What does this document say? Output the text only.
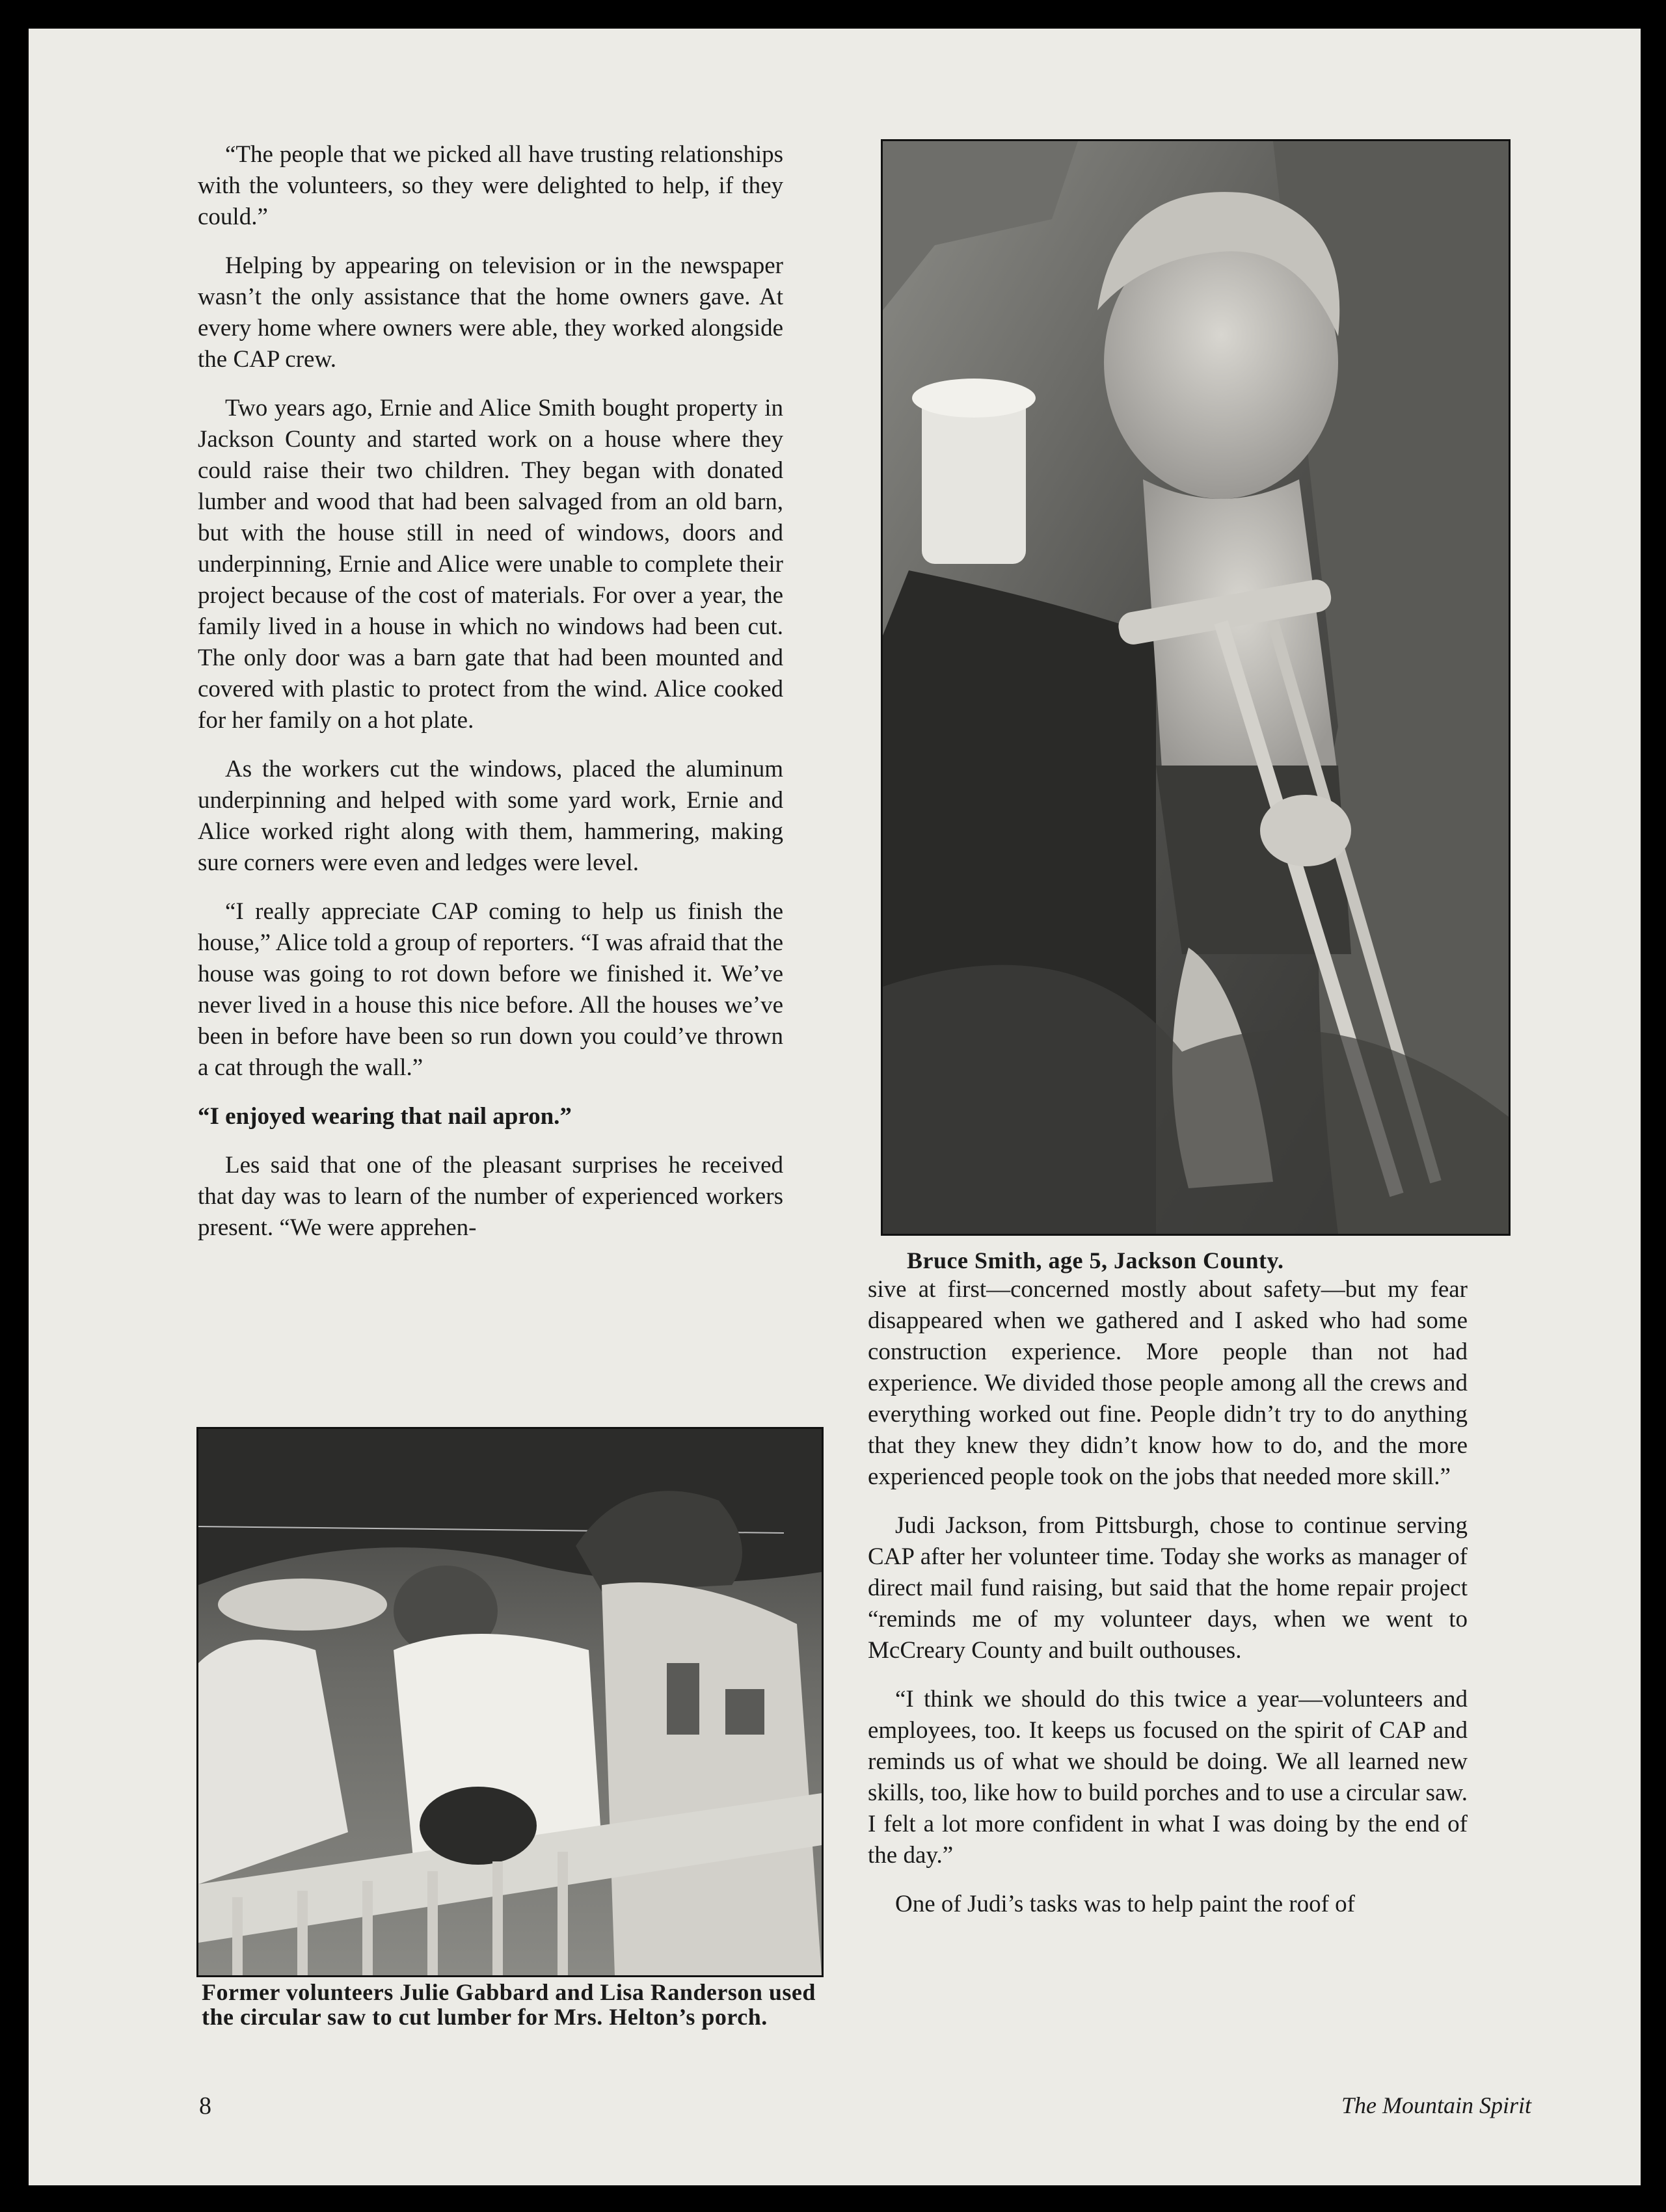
“The people that we picked all have trusting relationships with the volunteers, so they were delighted to help, if they could.”

Helping by appearing on television or in the newspaper wasn’t the only assistance that the home owners gave. At every home where owners were able, they worked alongside the CAP crew.

Two years ago, Ernie and Alice Smith bought property in Jackson County and started work on a house where they could raise their two children. They began with donated lumber and wood that had been salvaged from an old barn, but with the house still in need of windows, doors and underpinning, Ernie and Alice were unable to complete their project because of the cost of materials. For over a year, the family lived in a house in which no windows had been cut. The only door was a barn gate that had been mounted and covered with plastic to protect from the wind. Alice cooked for her family on a hot plate.

As the workers cut the windows, placed the aluminum underpinning and helped with some yard work, Ernie and Alice worked right along with them, hammering, making sure corners were even and ledges were level.

“I really appreciate CAP coming to help us finish the house,” Alice told a group of reporters. “I was afraid that the house was going to rot down before we finished it. We’ve never lived in a house this nice before. All the houses we’ve been in before have been so run down you could’ve thrown a cat through the wall.”

“I enjoyed wearing that nail apron.”

Les said that one of the pleasant surprises he received that day was to learn of the number of experienced workers present. “We were apprehen-

Bruce Smith, age 5, Jackson County.
Former volunteers Julie Gabbard and Lisa Randerson used the circular saw to cut lumber for Mrs. Helton’s porch.

sive at first—concerned mostly about safety—but my fear disappeared when we gathered and I asked who had some construction experience. More people than not had experience. We divided those people among all the crews and everything worked out fine. People didn’t try to do anything that they knew they didn’t know how to do, and the more experienced people took on the jobs that needed more skill.”

Judi Jackson, from Pittsburgh, chose to continue serving CAP after her volunteer time. Today she works as manager of direct mail fund raising, but said that the home repair project “reminds me of my volunteer days, when we went to McCreary County and built outhouses.

“I think we should do this twice a year—volunteers and employees, too. It keeps us focused on the spirit of CAP and reminds us of what we should be doing. We all learned new skills, too, like how to build porches and to use a circular saw. I felt a lot more confident in what I was doing by the end of the day.”

One of Judi’s tasks was to help paint the roof of

8	The Mountain Spirit
